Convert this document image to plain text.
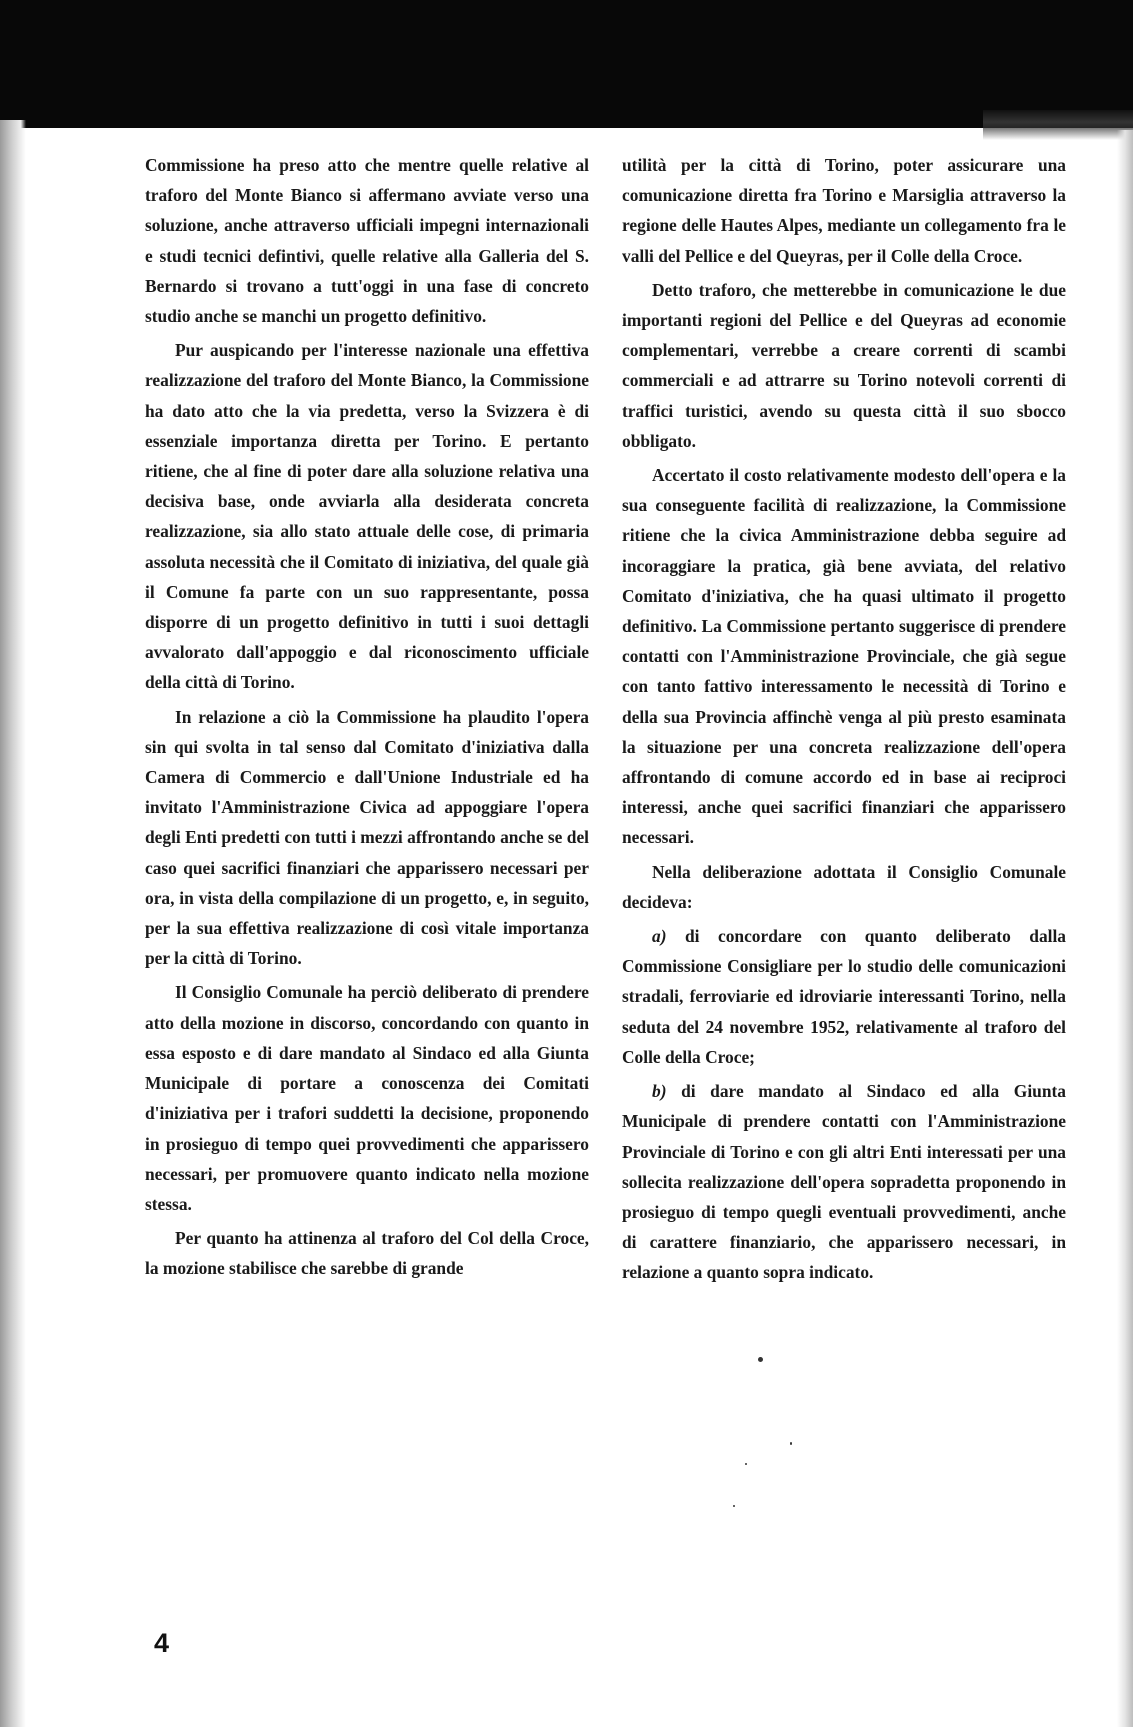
Commissione ha preso atto che mentre quelle relative al traforo del Monte Bianco si affermano avviate verso una soluzione, anche attraverso ufficiali impegni internazionali e studi tecnici defintivi, quelle relative alla Galleria del S. Bernardo si trovano a tutt'oggi in una fase di concreto studio anche se manchi un progetto definitivo.

Pur auspicando per l'interesse nazionale una effettiva realizzazione del traforo del Monte Bianco, la Commissione ha dato atto che la via predetta, verso la Svizzera è di essenziale importanza diretta per Torino. E pertanto ritiene, che al fine di poter dare alla soluzione relativa una decisiva base, onde avviarla alla desiderata concreta realizzazione, sia allo stato attuale delle cose, di primaria assoluta necessità che il Comitato di iniziativa, del quale già il Comune fa parte con un suo rappresentante, possa disporre di un progetto definitivo in tutti i suoi dettagli avvalorato dall'appoggio e dal riconoscimento ufficiale della città di Torino.

In relazione a ciò la Commissione ha plaudito l'opera sin qui svolta in tal senso dal Comitato d'iniziativa dalla Camera di Commercio e dall'Unione Industriale ed ha invitato l'Amministrazione Civica ad appoggiare l'opera degli Enti predetti con tutti i mezzi affrontando anche se del caso quei sacrifici finanziari che apparissero necessari per ora, in vista della compilazione di un progetto, e, in seguito, per la sua effettiva realizzazione di così vitale importanza per la città di Torino.

Il Consiglio Comunale ha perciò deliberato di prendere atto della mozione in discorso, concordando con quanto in essa esposto e di dare mandato al Sindaco ed alla Giunta Municipale di portare a conoscenza dei Comitati d'iniziativa per i trafori suddetti la decisione, proponendo in prosieguo di tempo quei provvedimenti che apparissero necessari, per promuovere quanto indicato nella mozione stessa.

Per quanto ha attinenza al traforo del Col della Croce, la mozione stabilisce che sarebbe di grande

utilità per la città di Torino, poter assicurare una comunicazione diretta fra Torino e Marsiglia attraverso la regione delle Hautes Alpes, mediante un collegamento fra le valli del Pellice e del Queyras, per il Colle della Croce.

Detto traforo, che metterebbe in comunicazione le due importanti regioni del Pellice e del Queyras ad economie complementari, verrebbe a creare correnti di scambi commerciali e ad attrarre su Torino notevoli correnti di traffici turistici, avendo su questa città il suo sbocco obbligato.

Accertato il costo relativamente modesto dell'opera e la sua conseguente facilità di realizzazione, la Commissione ritiene che la civica Amministrazione debba seguire ad incoraggiare la pratica, già bene avviata, del relativo Comitato d'iniziativa, che ha quasi ultimato il progetto definitivo. La Commissione pertanto suggerisce di prendere contatti con l'Amministrazione Provinciale, che già segue con tanto fattivo interessamento le necessità di Torino e della sua Provincia affinchè venga al più presto esaminata la situazione per una concreta realizzazione dell'opera affrontando di comune accordo ed in base ai reciproci interessi, anche quei sacrifici finanziari che apparissero necessari.

Nella deliberazione adottata il Consiglio Comunale decideva:

a) di concordare con quanto deliberato dalla Commissione Consigliare per lo studio delle comunicazioni stradali, ferroviarie ed idroviarie interessanti Torino, nella seduta del 24 novembre 1952, relativamente al traforo del Colle della Croce;

b) di dare mandato al Sindaco ed alla Giunta Municipale di prendere contatti con l'Amministrazione Provinciale di Torino e con gli altri Enti interessati per una sollecita realizzazione dell'opera sopradetta proponendo in prosieguo di tempo quegli eventuali provvedimenti, anche di carattere finanziario, che apparissero necessari, in relazione a quanto sopra indicato.

4
